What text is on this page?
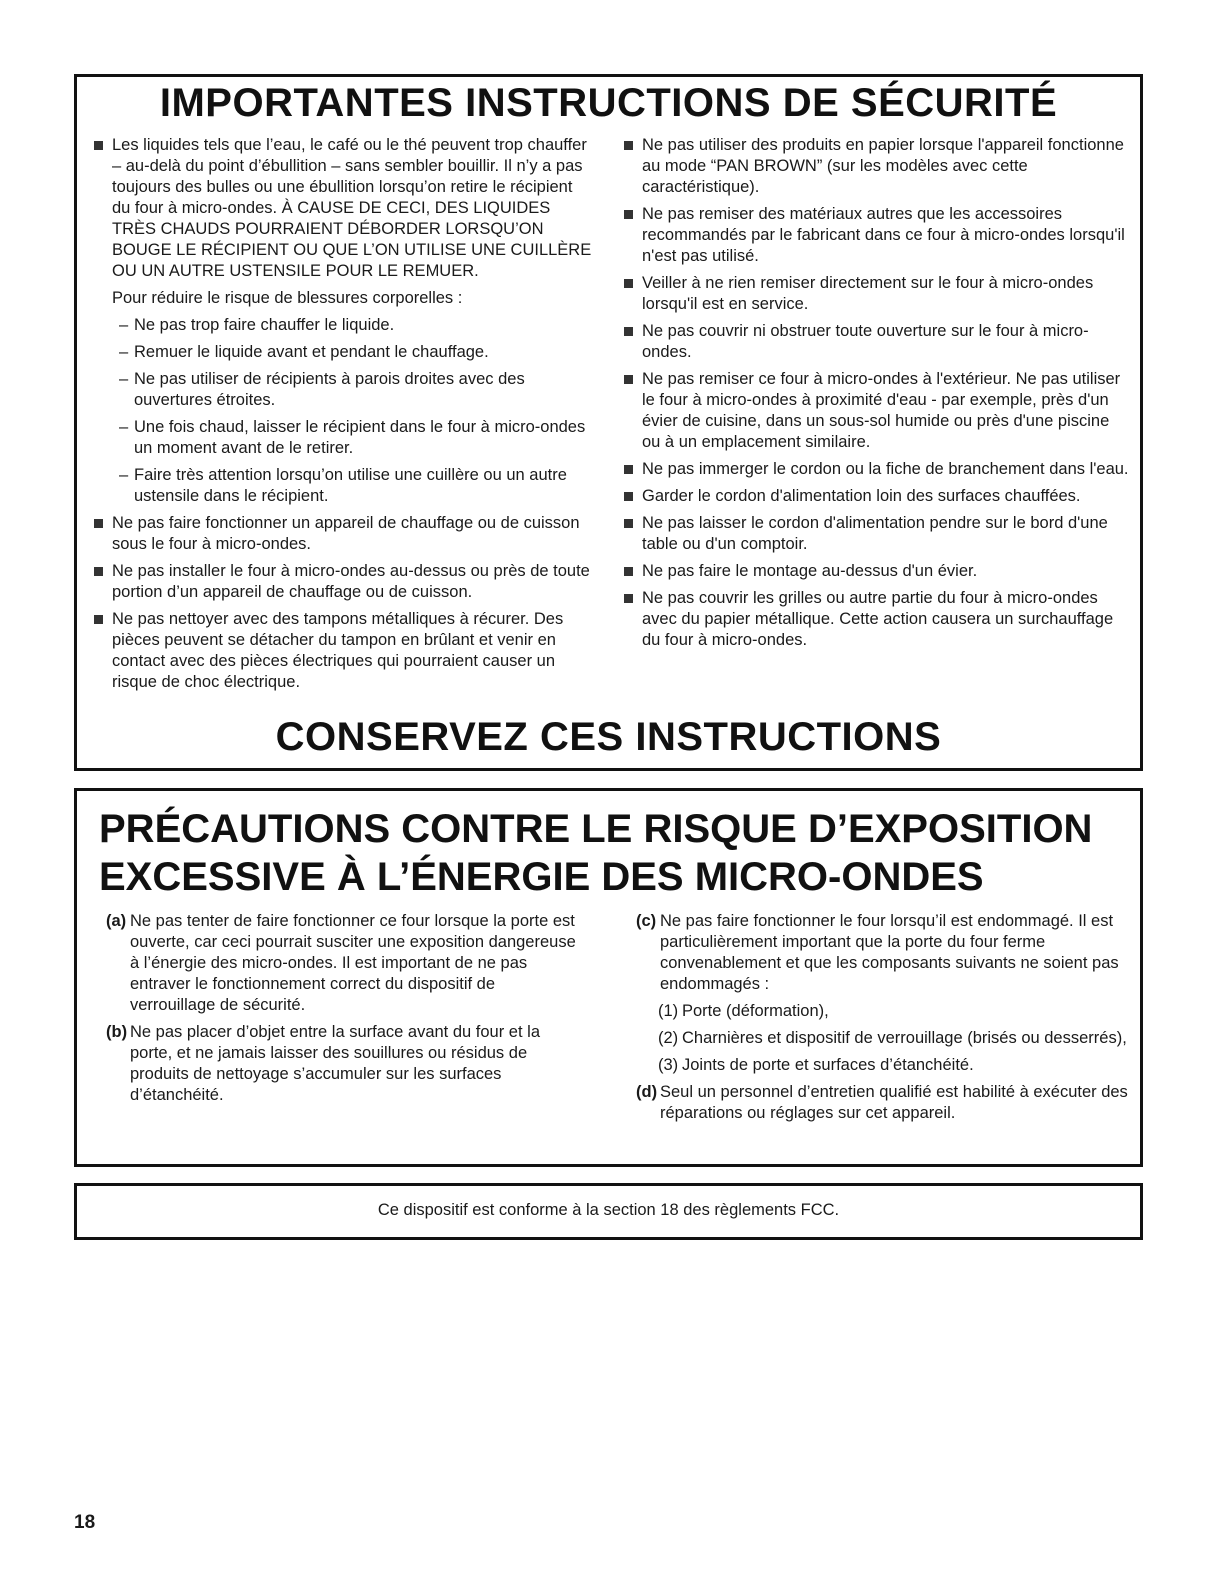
IMPORTANTES INSTRUCTIONS DE SÉCURITÉ
Les liquides tels que l’eau, le café ou le thé peuvent trop chauffer – au-delà du point d’ébullition – sans sembler bouillir. Il n’y a pas toujours des bulles ou une ébullition lorsqu’on retire le récipient du four à micro-ondes. À CAUSE DE CECI, DES LIQUIDES TRÈS CHAUDS POURRAIENT DÉBORDER LORSQU’ON BOUGE LE RÉCIPIENT OU QUE L’ON UTILISE UNE CUILLÈRE OU UN AUTRE USTENSILE POUR LE REMUER.
Pour réduire le risque de blessures corporelles :
– Ne pas trop faire chauffer le liquide.
– Remuer le liquide avant et pendant le chauffage.
– Ne pas utiliser de récipients à parois droites avec des ouvertures étroites.
– Une fois chaud, laisser le récipient dans le four à micro-ondes un moment avant de le retirer.
– Faire très attention lorsqu’on utilise une cuillère ou un autre ustensile dans le récipient.
Ne pas faire fonctionner un appareil de chauffage ou de cuisson sous le four à micro-ondes.
Ne pas installer le four à micro-ondes au-dessus ou près de toute portion d’un appareil de chauffage ou de cuisson.
Ne pas nettoyer avec des tampons métalliques à récurer. Des pièces peuvent se détacher du tampon en brûlant et venir en contact avec des pièces électriques qui pourraient causer un risque de choc électrique.
Ne pas utiliser des produits en papier lorsque l'appareil fonctionne au mode “PAN BROWN” (sur les modèles avec cette caractéristique).
Ne pas remiser des matériaux autres que les accessoires recommandés par le fabricant dans ce four à micro-ondes lorsqu'il n'est pas utilisé.
Veiller à ne rien remiser directement sur le four à micro-ondes lorsqu'il est en service.
Ne pas couvrir ni obstruer toute ouverture sur le four à micro-ondes.
Ne pas remiser ce four à micro-ondes à l'extérieur. Ne pas utiliser le four à micro-ondes à proximité d'eau - par exemple, près d'un évier de cuisine, dans un sous-sol humide ou près d'une piscine ou à un emplacement similaire.
Ne pas immerger le cordon ou la fiche de branchement dans l'eau.
Garder le cordon d'alimentation loin des surfaces chauffées.
Ne pas laisser le cordon d'alimentation pendre sur le bord d'une table ou d'un comptoir.
Ne pas faire le montage au-dessus d'un évier.
Ne pas couvrir les grilles ou autre partie du four à micro-ondes avec du papier métallique. Cette action causera un surchauffage du four à micro-ondes.
CONSERVEZ CES INSTRUCTIONS
PRÉCAUTIONS CONTRE LE RISQUE D’EXPOSITION
EXCESSIVE À L’ÉNERGIE DES MICRO-ONDES
(a) Ne pas tenter de faire fonctionner ce four lorsque la porte est ouverte, car ceci pourrait susciter une exposition dangereuse à l’énergie des micro-ondes. Il est important de ne pas entraver le fonctionnement correct du dispositif de verrouillage de sécurité.
(b) Ne pas placer d’objet entre la surface avant du four et la porte, et ne jamais laisser des souillures ou résidus de produits de nettoyage s’accumuler sur les surfaces d’étanchéité.
(c) Ne pas faire fonctionner le four lorsqu’il est endommagé. Il est particulièrement important que la porte du four ferme convenablement et que les composants suivants ne soient pas endommagés :
(1) Porte (déformation),
(2) Charnières et dispositif de verrouillage (brisés ou desserrés),
(3) Joints de porte et surfaces d’étanchéité.
(d) Seul un personnel d’entretien qualifié est habilité à exécuter des réparations ou réglages sur cet appareil.
Ce dispositif est conforme à la section 18 des règlements FCC.
18
